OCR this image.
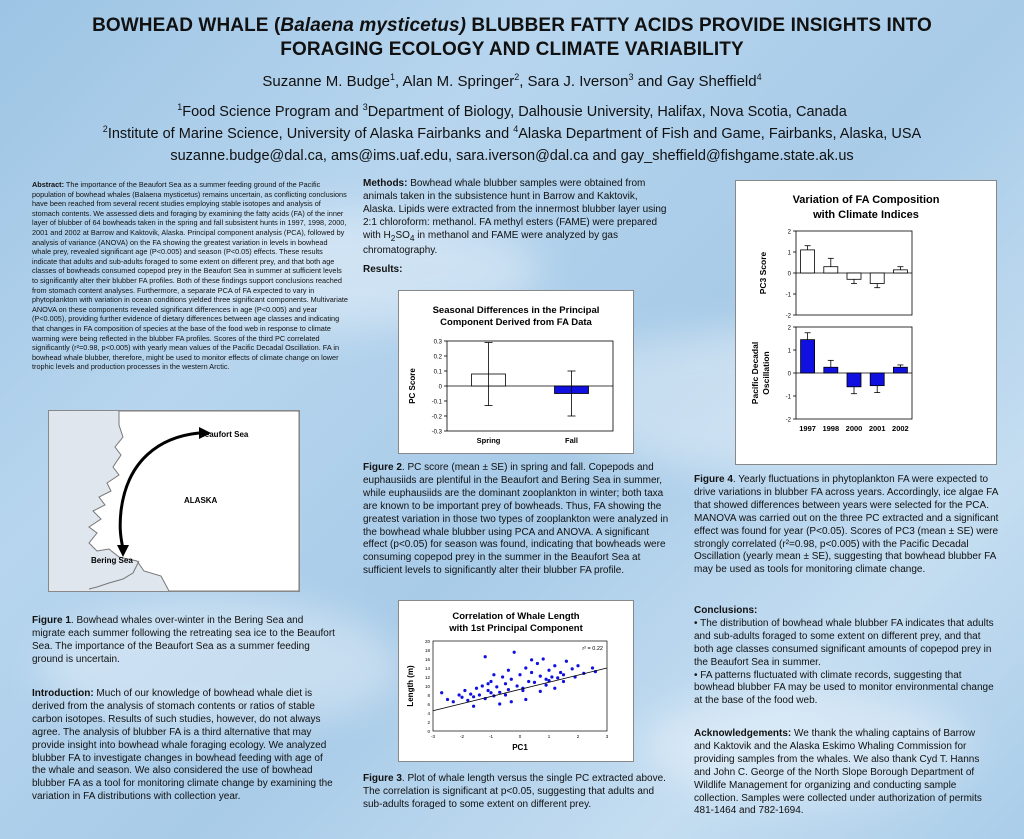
BOWHEAD WHALE (Balaena mysticetus) BLUBBER FATTY ACIDS PROVIDE INSIGHTS INTO
FORAGING ECOLOGY AND CLIMATE VARIABILITY
Suzanne M. Budge$^1$, Alan M. Springer$^2$, Sara J. Iverson$^3$ and Gay Sheffield$^4$
$^1$Food Science Program and $^3$Department of Biology, Dalhousie University, Halifax, Nova Scotia, Canada
$^2$Institute of Marine Science, University of Alaska Fairbanks and $^4$Alaska Department of Fish and Game, Fairbanks, Alaska, USA
suzanne.budge@dal.ca, ams@ims.uaf.edu, sara.iverson@dal.ca and gay_sheffield@fishgame.state.ak.us
Abstract: The importance of the Beaufort Sea as a summer feeding ground of the Pacific population of bowhead whales (Balaena mysticetus) remains uncertain, as conflicting conclusions have been reached from several recent studies employing stable isotopes and analysis of stomach contents. We assessed diets and foraging by examining the fatty acids (FA) of the inner layer of blubber of 64 bowheads taken in the spring and fall subsistent hunts in 1997, 1998, 2000, 2001 and 2002 at Barrow and Kaktovik, Alaska. Principal component analysis (PCA), followed by analysis of variance (ANOVA) on the FA showing the greatest variation in levels in bowhead whale prey, revealed significant age (P<0.005) and season (P<0.05) effects. These results indicate that adults and sub-adults foraged to some extent on different prey, and that both age classes of bowheads consumed copepod prey in the Beaufort Sea in summer at sufficient levels to significantly alter their blubber FA profiles. Both of these findings support conclusions reached from stomach content analyses. Furthermore, a separate PCA of FA expected to vary in phytoplankton with variation in ocean conditions yielded three significant components. Multivariate ANOVA on these components revealed significant differences in age (P<0.005) and year (P<0.005), providing further evidence of dietary differences between age classes and indicating that changes in FA composition of species at the base of the food web in response to climate warming were being reflected in the blubber FA profiles. Scores of the third PC correlated significantly (r²=0.98, p<0.005) with yearly mean values of the Pacific Decadal Oscillation. FA in bowhead whale blubber, therefore, might be used to monitor effects of climate change on lower trophic levels and production processes in the western Arctic.
Beaufort Sea
ALASKA
Bering Sea
Figure 1. Bowhead whales over-winter in the Bering Sea and migrate each summer following the retreating sea ice to the Beaufort Sea. The importance of the Beaufort Sea as a summer feeding ground is uncertain.
Introduction: Much of our knowledge of bowhead whale diet is derived from the analysis of stomach contents or ratios of stable carbon isotopes. Results of such studies, however, do not always agree. The analysis of blubber FA is a third alternative that may provide insight into bowhead whale foraging ecology. We analyzed blubber FA to investigate changes in bowhead feeding with age of the whale and season. We also considered the use of bowhead blubber FA as a tool for monitoring climate change by examining the variation in FA distributions with collection year.
Methods: Bowhead whale blubber samples were obtained from animals taken in the subsistence hunt in Barrow and Kaktovik, Alaska. Lipids were extracted from the innermost blubber layer using 2:1 chloroform: methanol. FA methyl esters (FAME) were prepared with $H_2SO_4$ in methanol and FAME were analyzed by gas chromatography.
Results:
Seasonal Differences in the Principal
Component Derived from FA Data
0.3
0.2
0.1
0
-0.1
-0.2
-0.3
PC Score
Spring	Fall
Figure 2. PC score (mean ± SE) in spring and fall. Copepods and euphausiids are plentiful in the Beaufort and Bering Sea in summer, while euphausiids are the dominant zooplankton in winter; both taxa are known to be important prey of bowheads. Thus, FA showing the greatest variation in those two types of zooplankton were analyzed in the bowhead whale blubber using PCA and ANOVA. A significant effect (p<0.05) for season was found, indicating that bowheads were consuming copepod prey in the summer in the Beaufort Sea at sufficient levels to significantly alter their blubber FA profile.
Correlation of Whale Length
with 1st Principal Component
20
18
16
14
12
10
8
6
4
2
0
-3	-2	-1	0	1	2	3
r² = 0.22
PC1
Length (m)
Figure 3. Plot of whale length versus the single PC extracted above. The correlation is significant at p<0.05, suggesting that adults and sub-adults foraged to some extent on different prey.
Variation of FA Composition
with Climate Indices
2
1
0
-1
-2
PC3 Score
2
1
0
-1
-2
1997 1998 2000 2001 2002
Pacific Decadal Oscillation
Figure 4. Yearly fluctuations in phytoplankton FA were expected to drive variations in blubber FA across years. Accordingly, ice algae FA that showed differences between years were selected for the PCA. MANOVA was carried out on the three PC extracted and a significant effect was found for year (P<0.05). Scores of PC3 (mean ± SE) were strongly correlated (r²=0.98, p<0.005) with the Pacific Decadal Oscillation (yearly mean ± SE), suggesting that bowhead blubber FA may be used as tools for monitoring climate change.
Conclusions:
• The distribution of bowhead whale blubber FA indicates that adults and sub-adults foraged to some extent on different prey, and that both age classes consumed significant amounts of copepod prey in the Beaufort Sea in summer.
• FA patterns fluctuated with climate records, suggesting that bowhead blubber FA may be used to monitor environmental change at the base of the food web.
Acknowledgements: We thank the whaling captains of Barrow and Kaktovik and the Alaska Eskimo Whaling Commission for providing samples from the whales. We also thank Cyd T. Hanns and John C. George of the North Slope Borough Department of Wildlife Management for organizing and conducting sample collection. Samples were collected under authorization of permits 481-1464 and 782-1694.
